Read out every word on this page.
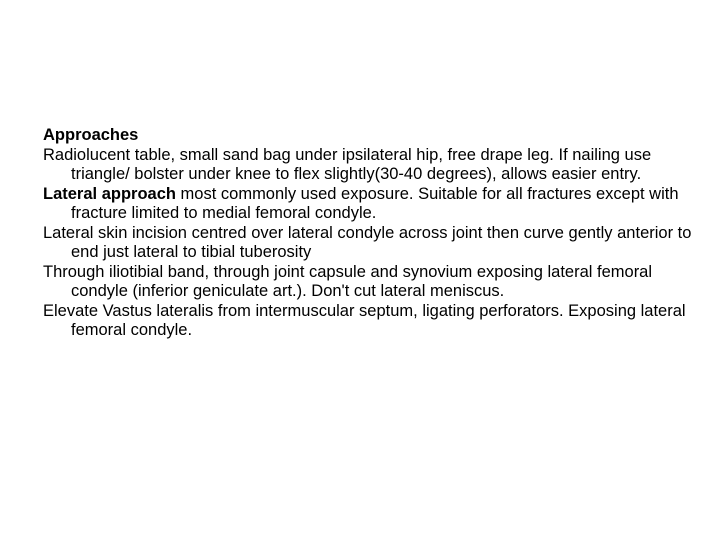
Approaches

Radiolucent table, small sand bag under ipsilateral hip, free drape leg. If nailing use triangle/ bolster under knee to flex slightly(30-40 degrees), allows easier entry.

Lateral approach most commonly used exposure. Suitable for all fractures except with fracture limited to medial femoral condyle.

Lateral skin incision centred over lateral condyle across joint then curve gently anterior to end just lateral to tibial tuberosity

Through iliotibial band, through joint capsule and synovium exposing lateral femoral condyle (inferior geniculate art.). Don't cut lateral meniscus.

Elevate Vastus lateralis from intermuscular septum, ligating perforators. Exposing lateral femoral condyle.
